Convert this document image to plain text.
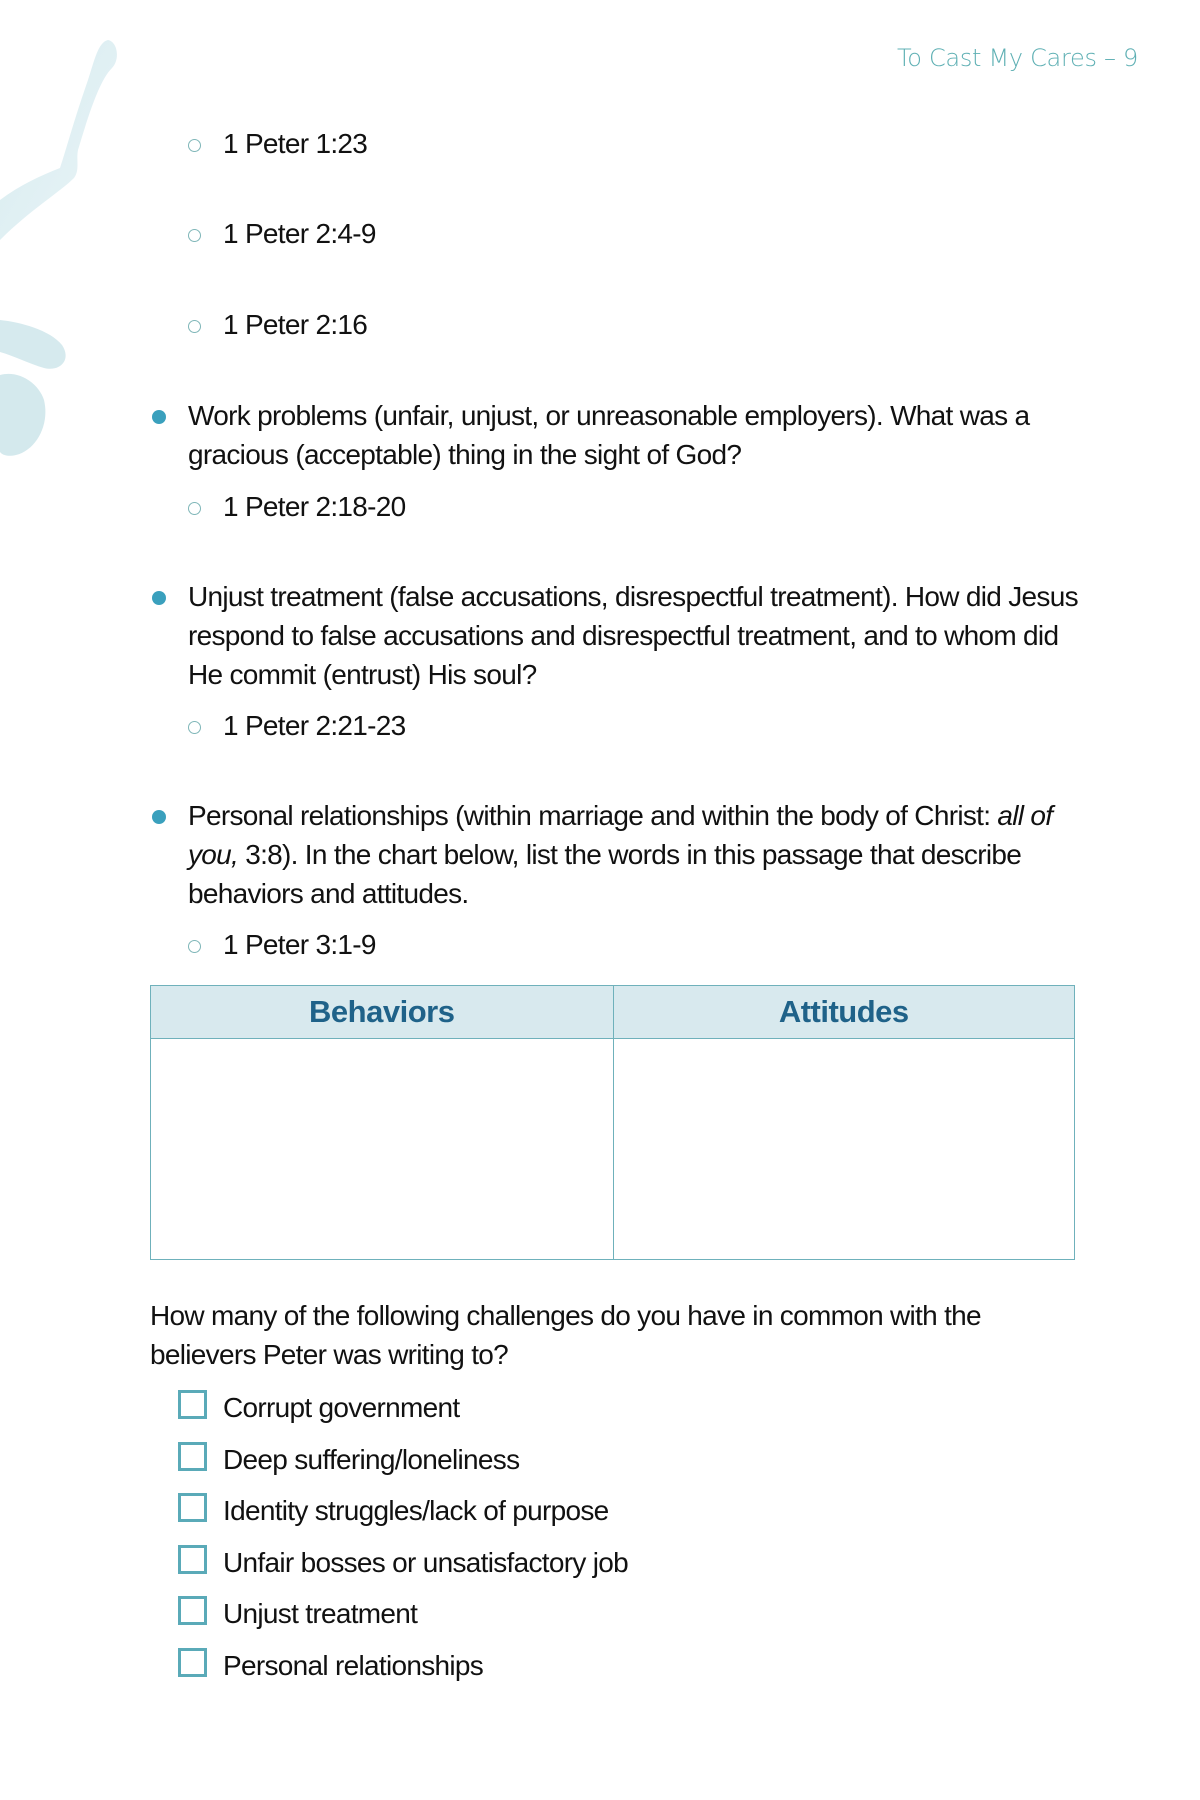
To Cast My Cares – 9
1 Peter 1:23
1 Peter 2:4-9
1 Peter 2:16
Work problems (unfair, unjust, or unreasonable employers). What was a gracious (acceptable) thing in the sight of God?
1 Peter 2:18-20
Unjust treatment (false accusations, disrespectful treatment). How did Jesus respond to false accusations and disrespectful treatment, and to whom did He commit (entrust) His soul?
1 Peter 2:21-23
Personal relationships (within marriage and within the body of Christ: all of you, 3:8). In the chart below, list the words in this passage that describe behaviors and attitudes.
1 Peter 3:1-9
Behaviors	Attitudes
How many of the following challenges do you have in common with the believers Peter was writing to?
Corrupt government
Deep suffering/loneliness
Identity struggles/lack of purpose
Unfair bosses or unsatisfactory job
Unjust treatment
Personal relationships
